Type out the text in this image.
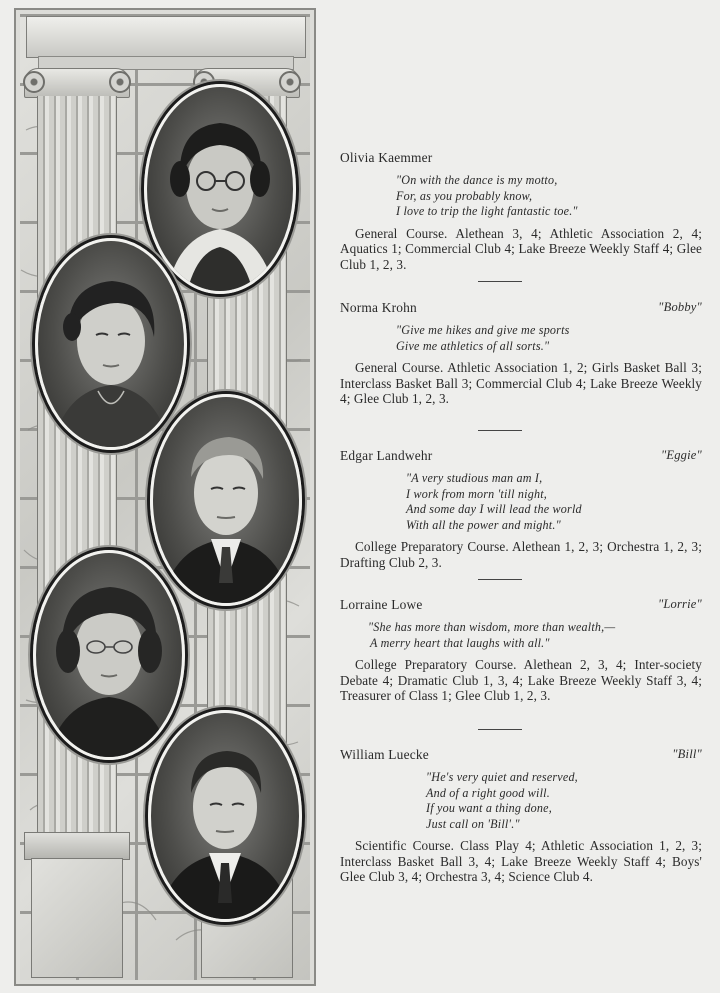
Olivia Kaemmer
"On with the dance is my motto,
For, as you probably know,
I love to trip the light fantastic toe."

General Course. Alethean 3, 4; Athletic Association 2, 4; Aquatics 1; Commercial Club 4; Lake Breeze Weekly Staff 4; Glee Club 1, 2, 3.

Norma Krohn	"Bobby"
"Give me hikes and give me sports
Give me athletics of all sorts."

General Course. Athletic Association 1, 2; Girls Basket Ball 3; Interclass Basket Ball 3; Commercial Club 4; Lake Breeze Weekly 4; Glee Club 1, 2, 3.

Edgar Landwehr	"Eggie"
"A very studious man am I,
I work from morn 'till night,
And some day I will lead the world
With all the power and might."

College Preparatory Course. Alethean 1, 2, 3; Orchestra 1, 2, 3; Drafting Club 2, 3.

Lorraine Lowe	"Lorrie"
"She has more than wisdom, more than wealth,—
A merry heart that laughs with all."

College Preparatory Course. Alethean 2, 3, 4; Inter-society Debate 4; Dramatic Club 1, 3, 4; Lake Breeze Weekly Staff 3, 4; Treasurer of Class 1; Glee Club 1, 2, 3.

William Luecke	"Bill"
"He's very quiet and reserved,
And of a right good will.
If you want a thing done,
Just call on 'Bill'."

Scientific Course. Class Play 4; Athletic Association 1, 2, 3; Interclass Basket Ball 3, 4; Lake Breeze Weekly Staff 4; Boys' Glee Club 3, 4; Orchestra 3, 4; Science Club 4.
